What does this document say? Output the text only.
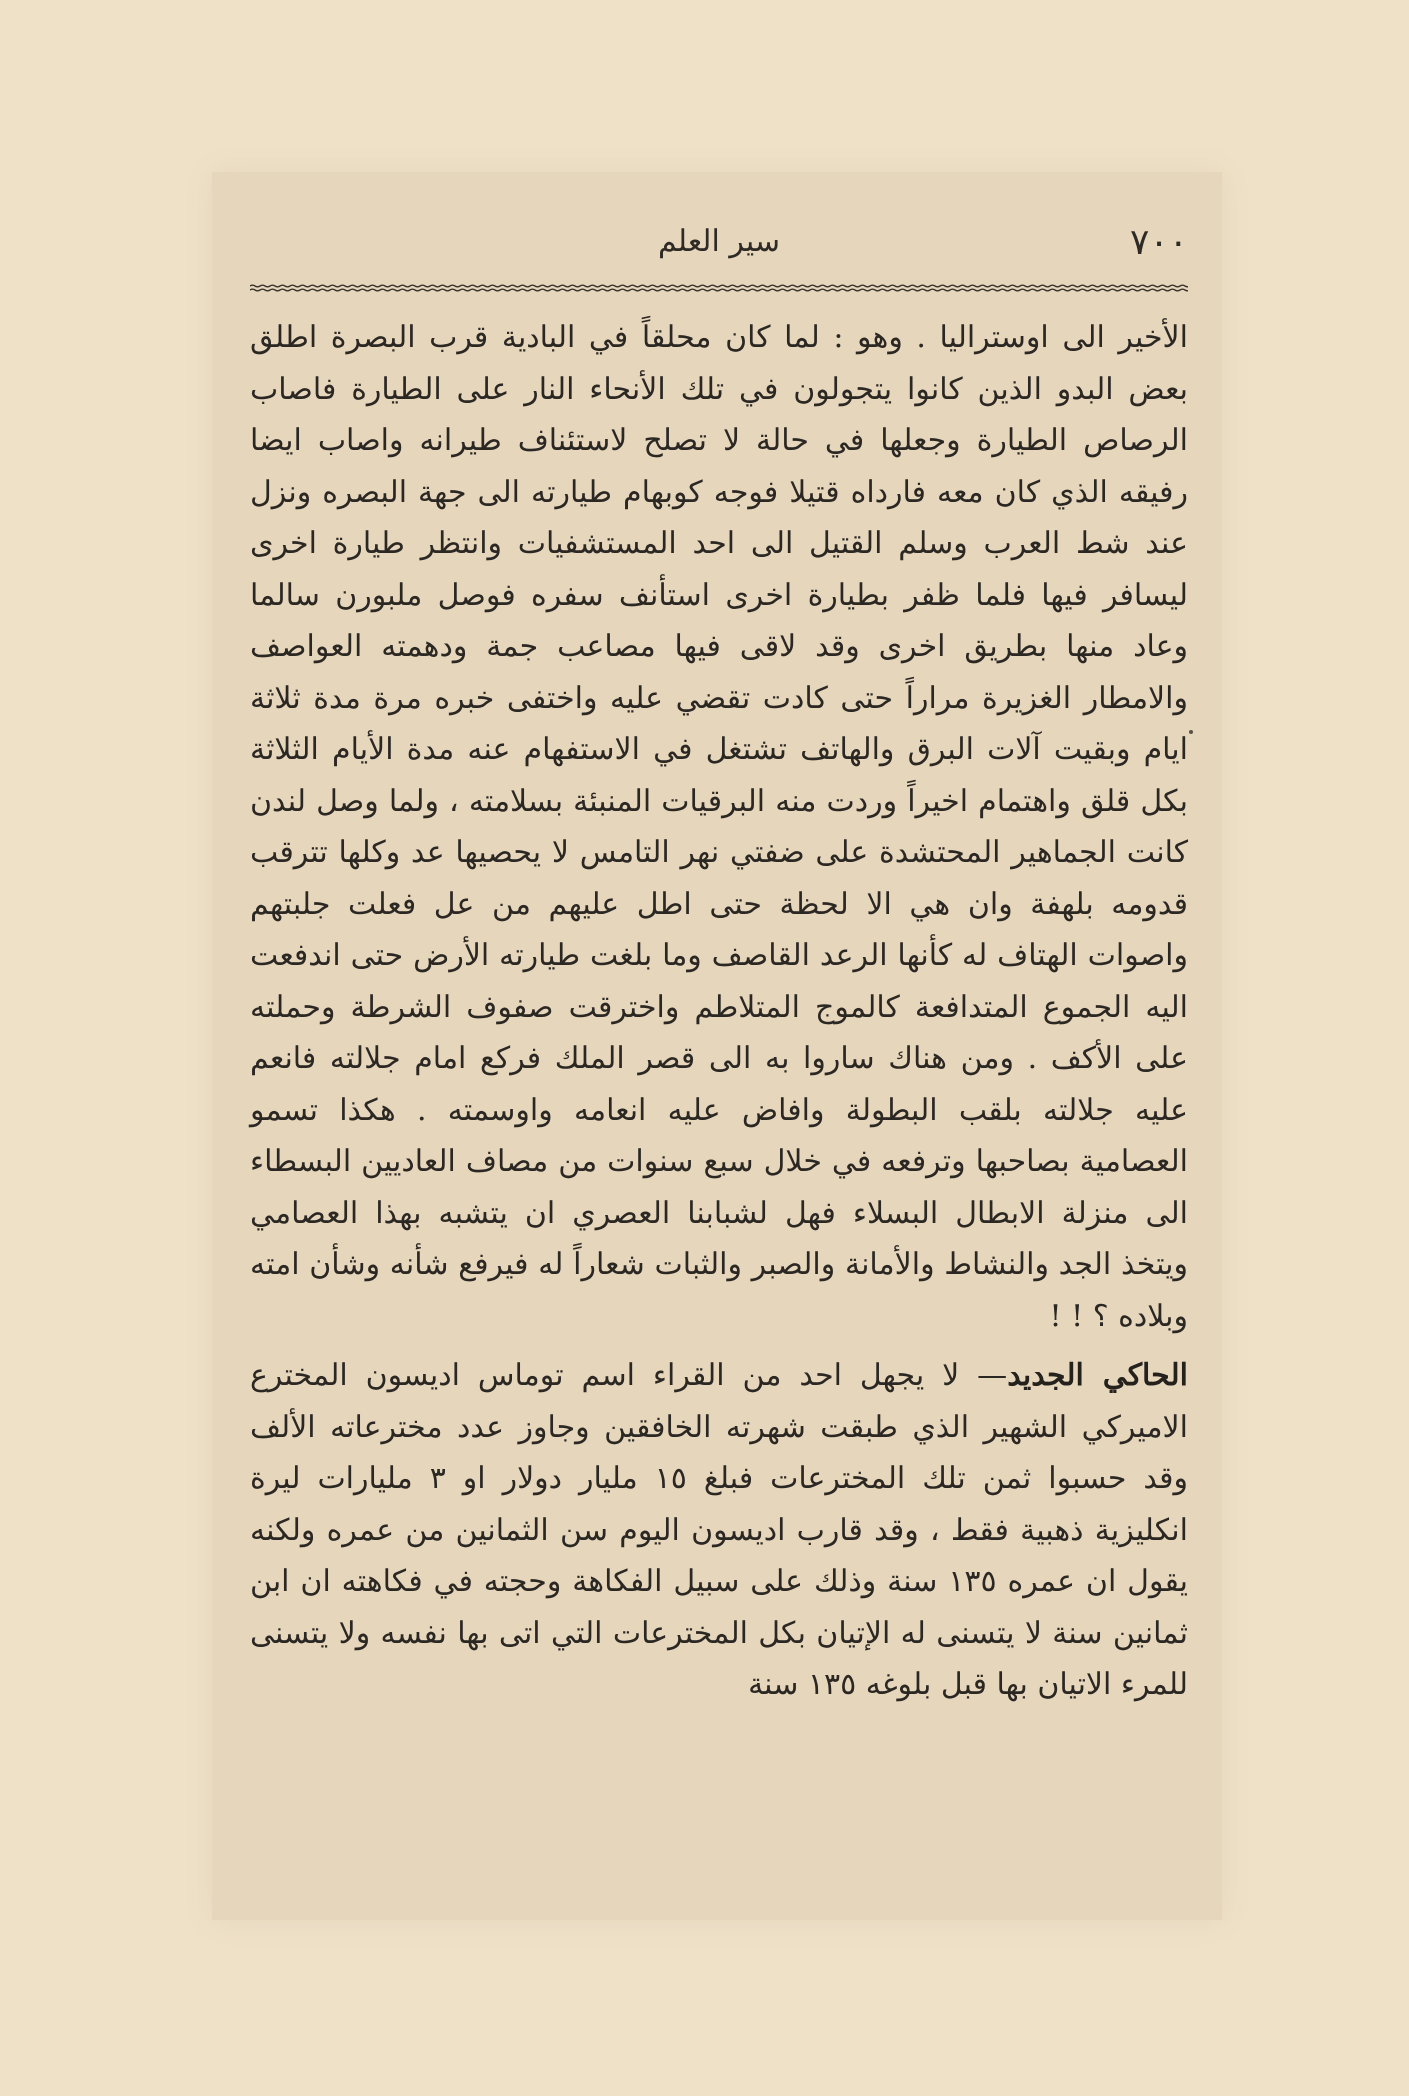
٧٠٠
سير العلم

الأخير الى اوستراليا . وهو : لما كان محلقاً في البادية قرب البصرة اطلق بعض البدو الذين كانوا يتجولون في تلك الأنحاء النار على الطيارة فاصاب الرصاص الطيارة وجعلها في حالة لا تصلح لاستئناف طيرانه واصاب ايضا رفيقه الذي كان معه فارداه قتيلا فوجه كوبهام طيارته الى جهة البصره ونزل عند شط العرب وسلم القتيل الى احد المستشفيات وانتظر طيارة اخرى ليسافر فيها فلما ظفر بطيارة اخرى استأنف سفره فوصل ملبورن سالما وعاد منها بطريق اخرى وقد لاقى فيها مصاعب جمة ودهمته العواصف والامطار الغزيرة مراراً حتى كادت تقضي عليه واختفى خبره مرة مدة ثلاثة ايام وبقيت آلات البرق والهاتف تشتغل في الاستفهام عنه مدة الأيام الثلاثة بكل قلق واهتمام اخيراً وردت منه البرقيات المنبئة بسلامته ، ولما وصل لندن كانت الجماهير المحتشدة على ضفتي نهر التامس لا يحصيها عد وكلها تترقب قدومه بلهفة وان هي الا لحظة حتى اطل عليهم من عل فعلت جلبتهم واصوات الهتاف له كأنها الرعد القاصف وما بلغت طيارته الأرض حتى اندفعت اليه الجموع المتدافعة كالموج المتلاطم واخترقت صفوف الشرطة وحملته على الأكف . ومن هناك ساروا به الى قصر الملك فركع امام جلالته فانعم عليه جلالته بلقب البطولة وافاض عليه انعامه واوسمته . هكذا تسمو العصامية بصاحبها وترفعه في خلال سبع سنوات من مصاف العاديين البسطاء الى منزلة الابطال البسلاء فهل لشبابنا العصري ان يتشبه بهذا العصامي ويتخذ الجد والنشاط والأمانة والصبر والثبات شعاراً له فيرفع شأنه وشأن امته وبلاده ؟ ! !

الحاكي الجديد— لا يجهل احد من القراء اسم توماس اديسون المخترع الاميركي الشهير الذي طبقت شهرته الخافقين وجاوز عدد مخترعاته الألف وقد حسبوا ثمن تلك المخترعات فبلغ ١٥ مليار دولار او ٣ مليارات ليرة انكليزية ذهبية فقط ، وقد قارب اديسون اليوم سن الثمانين من عمره ولكنه يقول ان عمره ١٣٥ سنة وذلك على سبيل الفكاهة وحجته في فكاهته ان ابن ثمانين سنة لا يتسنى له الإتيان بكل المخترعات التي اتى بها نفسه ولا يتسنى للمرء الاتيان بها قبل بلوغه ١٣٥ سنة
